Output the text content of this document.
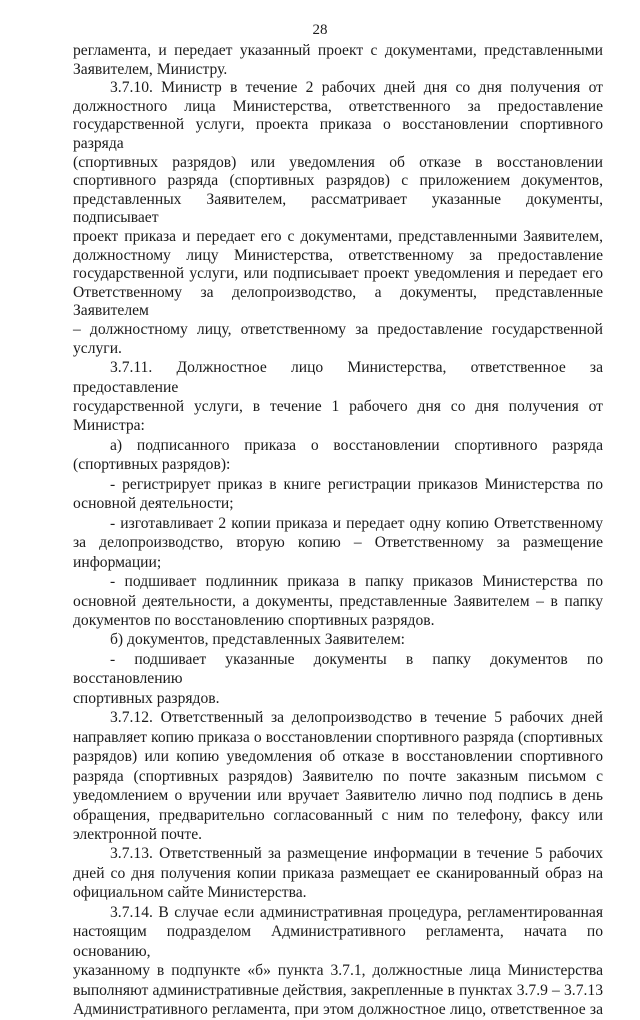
28

регламента, и передает указанный проект с документами, представленными

Заявителем, Министру.

3.7.10. Министр в течение 2 рабочих дней дня со дня получения от

должностного лица Министерства, ответственного за предоставление

государственной услуги, проекта приказа о восстановлении спортивного разряда

(спортивных разрядов) или уведомления об отказе в восстановлении

спортивного разряда (спортивных разрядов) с приложением документов,

представленных Заявителем, рассматривает указанные документы, подписывает

проект приказа и передает его с документами, представленными Заявителем,

должностному лицу Министерства, ответственному за предоставление

государственной услуги, или подписывает проект уведомления и передает его

Ответственному за делопроизводство, а документы, представленные Заявителем

– должностному лицу, ответственному за предоставление государственной

услуги.

3.7.11. Должностное лицо Министерства, ответственное за предоставление

государственной услуги, в течение 1 рабочего дня со дня получения от

Министра:

а) подписанного приказа о восстановлении спортивного разряда

(спортивных разрядов):

- регистрирует приказ в книге регистрации приказов Министерства по

основной деятельности;

- изготавливает 2 копии приказа и передает одну копию Ответственному

за делопроизводство, вторую копию – Ответственному за размещение

информации;

- подшивает подлинник приказа в папку приказов Министерства по

основной деятельности, а документы, представленные Заявителем – в папку

документов по восстановлению спортивных разрядов.

б) документов, представленных Заявителем:

- подшивает указанные документы в папку документов по восстановлению

спортивных разрядов.

3.7.12. Ответственный за делопроизводство в течение 5 рабочих дней

направляет копию приказа о восстановлении спортивного разряда (спортивных

разрядов) или копию уведомления об отказе в восстановлении спортивного

разряда (спортивных разрядов) Заявителю по почте заказным письмом с

уведомлением о вручении или вручает Заявителю лично под подпись в день

обращения, предварительно согласованный с ним по телефону, факсу или

электронной почте.

3.7.13. Ответственный за размещение информации в течение 5 рабочих

дней со дня получения копии приказа размещает ее сканированный образ на

официальном сайте Министерства.

3.7.14. В случае если административная процедура, регламентированная

настоящим подразделом Административного регламента, начата по основанию,

указанному в подпункте «б» пункта 3.7.1, должностные лица Министерства

выполняют административные действия, закрепленные в пунктах 3.7.9 – 3.7.13

Административного регламента, при этом должностное лицо, ответственное за
